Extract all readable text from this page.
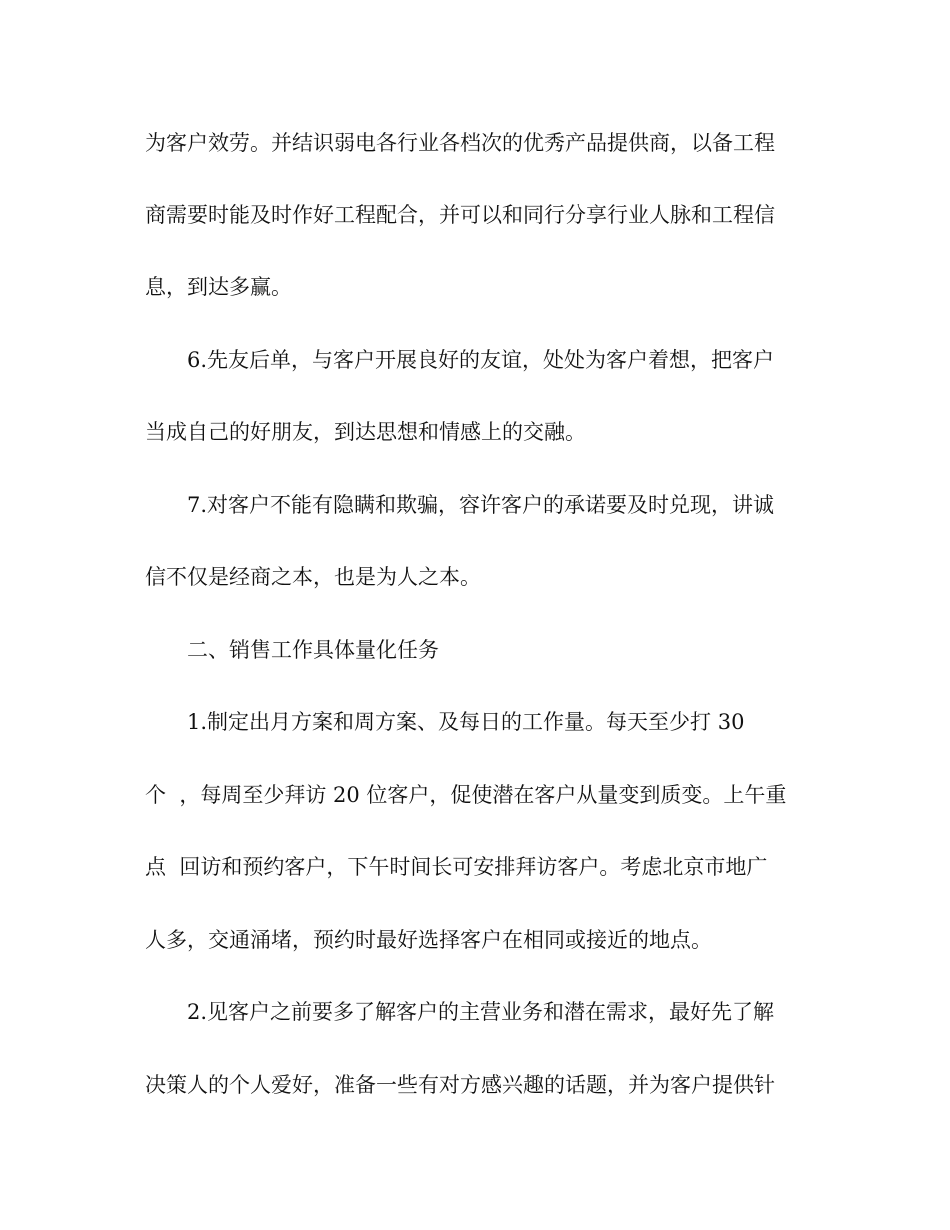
为客户效劳。并结识弱电各行业各档次的优秀产品提供商，以备工程
商需要时能及时作好工程配合，并可以和同行分享行业人脉和工程信
息，到达多赢。
6.先友后单，与客户开展良好的友谊，处处为客户着想，把客户
当成自己的好朋友，到达思想和情感上的交融。
7.对客户不能有隐瞒和欺骗，容许客户的承诺要及时兑现，讲诚
信不仅是经商之本，也是为人之本。
二、销售工作具体量化任务
1.制定出月方案和周方案、及每日的工作量。每天至少打 30
个  ，每周至少拜访 20 位客户，促使潜在客户从量变到质变。上午重
点  回访和预约客户，下午时间长可安排拜访客户。考虑北京市地广
人多，交通涌堵，预约时最好选择客户在相同或接近的地点。
2.见客户之前要多了解客户的主营业务和潜在需求，最好先了解
决策人的个人爱好，准备一些有对方感兴趣的话题，并为客户提供针
